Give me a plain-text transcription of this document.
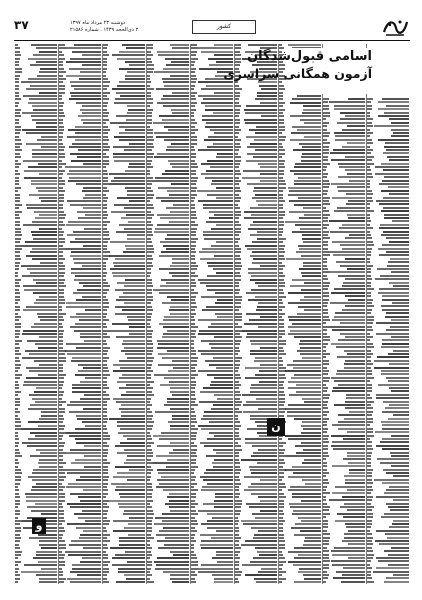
۳۷	دوشنبه ۲۳ مرداد ماه ۱۳۹۷
۲ ذی‌الحجه ۱۴۳۹ . شماره ۲۱۵۸۶	کشور
اسامی قبول‌شدگان
آزمون همگانی سراسری
ن
و
